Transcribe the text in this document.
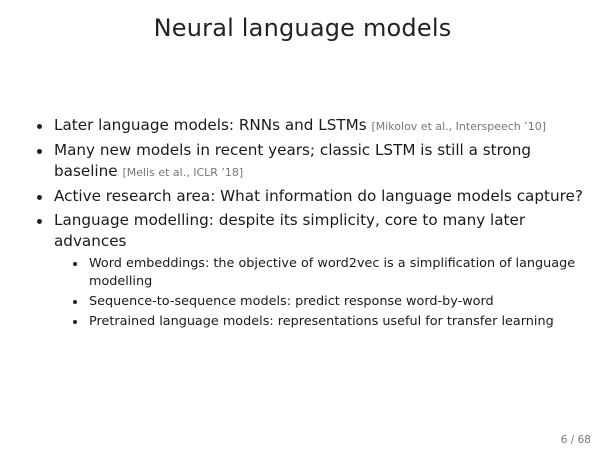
Neural language models
Later language models: RNNs and LSTMs [Mikolov et al., Interspeech ’10]
Many new models in recent years; classic LSTM is still a strong baseline [Melis et al., ICLR ’18]
Active research area: What information do language models capture?
Language modelling: despite its simplicity, core to many later advances
Word embeddings: the objective of word2vec is a simplification of language modelling
Sequence-to-sequence models: predict response word-by-word
Pretrained language models: representations useful for transfer learning
6 / 68
